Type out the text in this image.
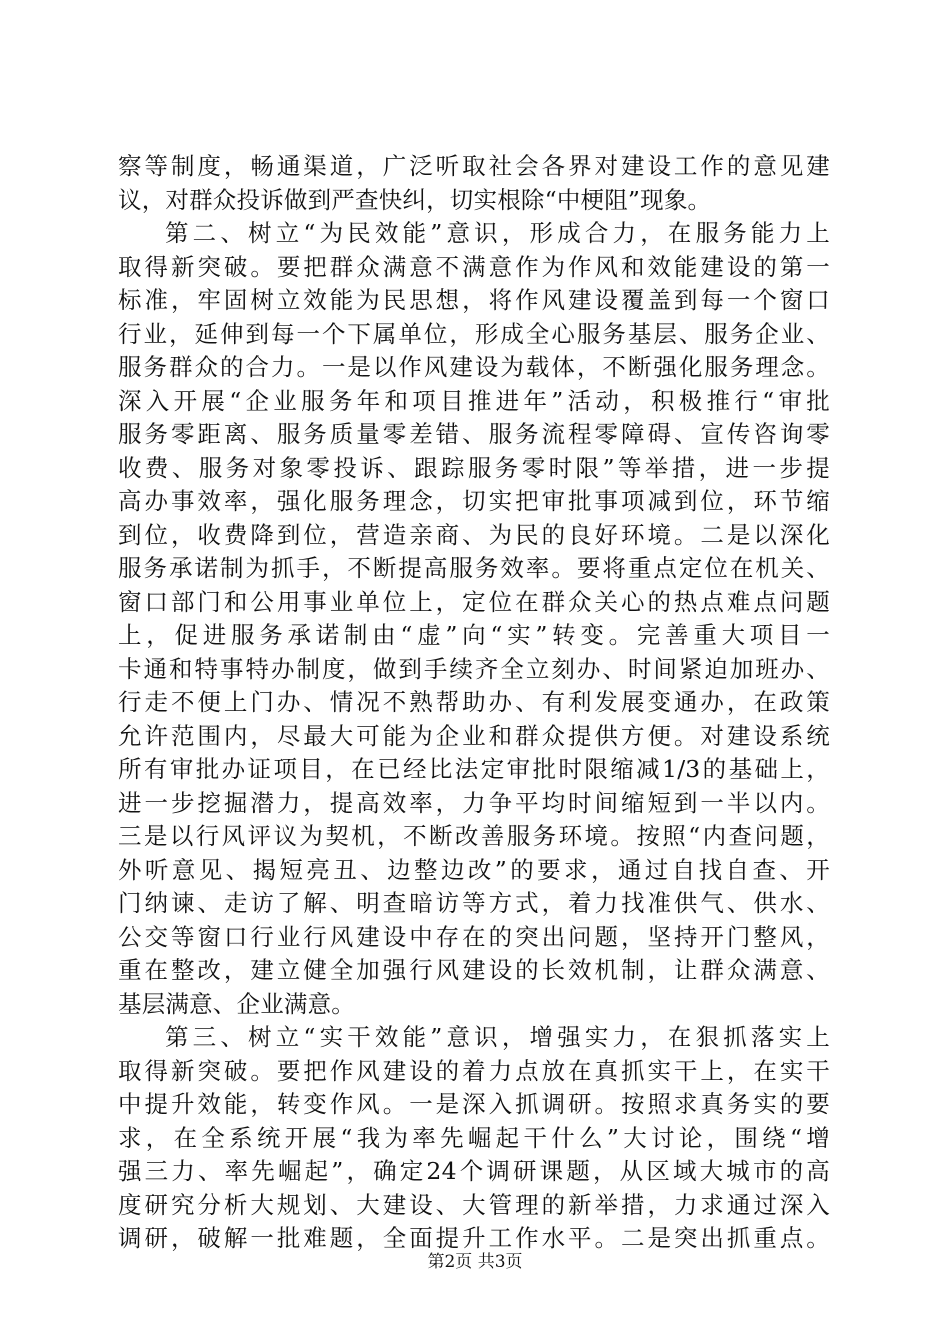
察等制度，畅通渠道，广泛听取社会各界对建设工作的意见建
议，对群众投诉做到严查快纠，切实根除“中梗阻”现象。
第二、树立“为民效能”意识，形成合力，在服务能力上
取得新突破。要把群众满意不满意作为作风和效能建设的第一
标准，牢固树立效能为民思想，将作风建设覆盖到每一个窗口
行业，延伸到每一个下属单位，形成全心服务基层、服务企业、
服务群众的合力。一是以作风建设为载体，不断强化服务理念。
深入开展“企业服务年和项目推进年”活动，积极推行“审批
服务零距离、服务质量零差错、服务流程零障碍、宣传咨询零
收费、服务对象零投诉、跟踪服务零时限”等举措，进一步提
高办事效率，强化服务理念，切实把审批事项减到位，环节缩
到位，收费降到位，营造亲商、为民的良好环境。二是以深化
服务承诺制为抓手，不断提高服务效率。要将重点定位在机关、
窗口部门和公用事业单位上，定位在群众关心的热点难点问题
上，促进服务承诺制由“虚”向“实”转变。完善重大项目一
卡通和特事特办制度，做到手续齐全立刻办、时间紧迫加班办、
行走不便上门办、情况不熟帮助办、有利发展变通办，在政策
允许范围内，尽最大可能为企业和群众提供方便。对建设系统
所有审批办证项目，在已经比法定审批时限缩减1/3的基础上，
进一步挖掘潜力，提高效率，力争平均时间缩短到一半以内。
三是以行风评议为契机，不断改善服务环境。按照“内查问题，
外听意见、揭短亮丑、边整边改”的要求，通过自找自查、开
门纳谏、走访了解、明查暗访等方式，着力找准供气、供水、
公交等窗口行业行风建设中存在的突出问题，坚持开门整风，
重在整改，建立健全加强行风建设的长效机制，让群众满意、
基层满意、企业满意。
第三、树立“实干效能”意识，增强实力，在狠抓落实上
取得新突破。要把作风建设的着力点放在真抓实干上，在实干
中提升效能，转变作风。一是深入抓调研。按照求真务实的要
求，在全系统开展“我为率先崛起干什么”大讨论，围绕“增
强三力、率先崛起”，确定24个调研课题，从区域大城市的高
度研究分析大规划、大建设、大管理的新举措，力求通过深入
调研，破解一批难题，全面提升工作水平。二是突出抓重点。
第2页 共3页
